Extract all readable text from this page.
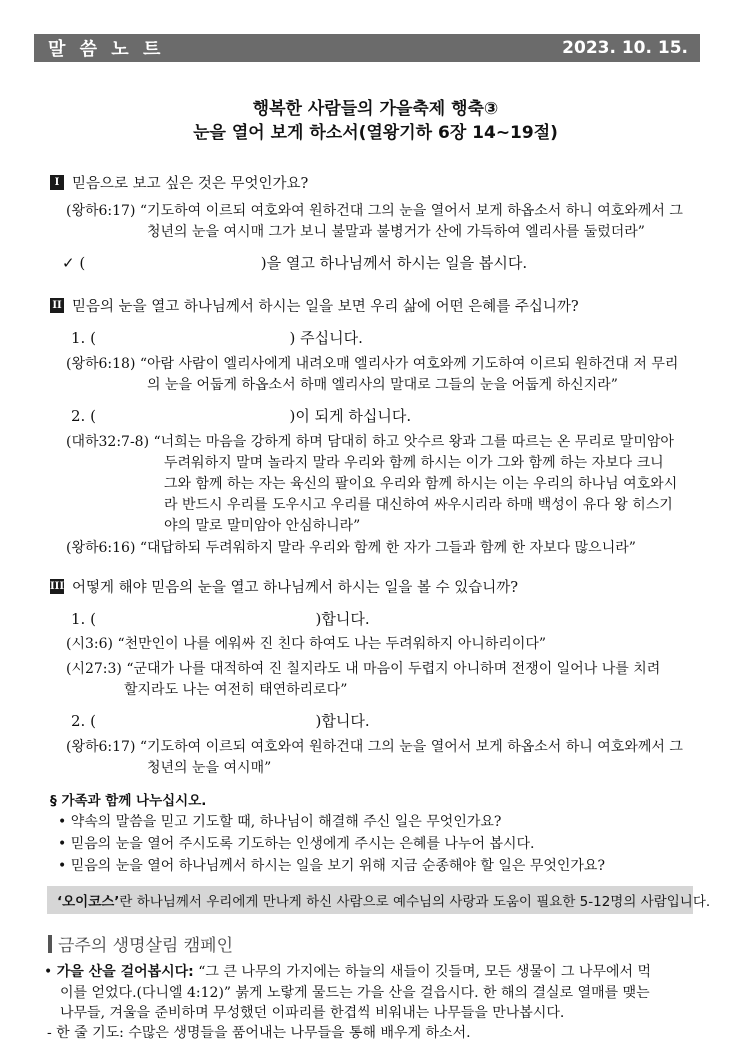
말 씀 노 트	2023. 10. 15.
행복한 사람들의 가을축제 행축③
눈을 열어 보게 하소서(열왕기하 6장 14~19절)
I 믿음으로 보고 싶은 것은 무엇인가요?
(왕하6:17) “기도하여 이르되 여호와여 원하건대 그의 눈을 열어서 보게 하옵소서 하니 여호와께서 그
청년의 눈을 여시매 그가 보니 불말과 불병거가 산에 가득하여 엘리사를 둘렀더라”
✓ (	)을 열고 하나님께서 하시는 일을 봅시다.
II 믿음의 눈을 열고 하나님께서 하시는 일을 보면 우리 삶에 어떤 은혜를 주십니까?
1. (	) 주십니다.
(왕하6:18) “아람 사람이 엘리사에게 내려오매 엘리사가 여호와께 기도하여 이르되 원하건대 저 무리
의 눈을 어둡게 하옵소서 하매 엘리사의 말대로 그들의 눈을 어둡게 하신지라”
2. (	)이 되게 하십니다.
(대하32:7-8) “너희는 마음을 강하게 하며 담대히 하고 앗수르 왕과 그를 따르는 온 무리로 말미암아
두려워하지 말며 놀라지 말라 우리와 함께 하시는 이가 그와 함께 하는 자보다 크니
그와 함께 하는 자는 육신의 팔이요 우리와 함께 하시는 이는 우리의 하나님 여호와시
라 반드시 우리를 도우시고 우리를 대신하여 싸우시리라 하매 백성이 유다 왕 히스기
야의 말로 말미암아 안심하니라”
(왕하6:16) “대답하되 두려워하지 말라 우리와 함께 한 자가 그들과 함께 한 자보다 많으니라”
III 어떻게 해야 믿음의 눈을 열고 하나님께서 하시는 일을 볼 수 있습니까?
1. (	)합니다.
(시3:6) “천만인이 나를 에워싸 진 친다 하여도 나는 두려워하지 아니하리이다”
(시27:3) “군대가 나를 대적하여 진 칠지라도 내 마음이 두렵지 아니하며 전쟁이 일어나 나를 치려
할지라도 나는 여전히 태연하리로다”
2. (	)합니다.
(왕하6:17) “기도하여 이르되 여호와여 원하건대 그의 눈을 열어서 보게 하옵소서 하니 여호와께서 그
청년의 눈을 여시매”
§ 가족과 함께 나누십시오.
• 약속의 말씀을 믿고 기도할 때, 하나님이 해결해 주신 일은 무엇인가요?
• 믿음의 눈을 열어 주시도록 기도하는 인생에게 주시는 은혜를 나누어 봅시다.
• 믿음의 눈을 열어 하나님께서 하시는 일을 보기 위해 지금 순종해야 할 일은 무엇인가요?
‘오이코스’ 란 하나님께서 우리에게 만나게 하신 사람으로 예수님의 사랑과 도움이 필요한 5-12명의 사람입니다.
금주의 생명살림 캠페인
• 가을 산을 걸어봅시다: “그 큰 나무의 가지에는 하늘의 새들이 깃들며, 모든 생물이 그 나무에서 먹
이를 얻었다.(다니엘 4:12)” 붉게 노랗게 물드는 가을 산을 걸읍시다. 한 해의 결실로 열매를 맺는
나무들, 겨울을 준비하며 무성했던 이파리를 한겹씩 비워내는 나무들을 만나봅시다.
- 한 줄 기도: 수많은 생명들을 품어내는 나무들을 통해 배우게 하소서.
